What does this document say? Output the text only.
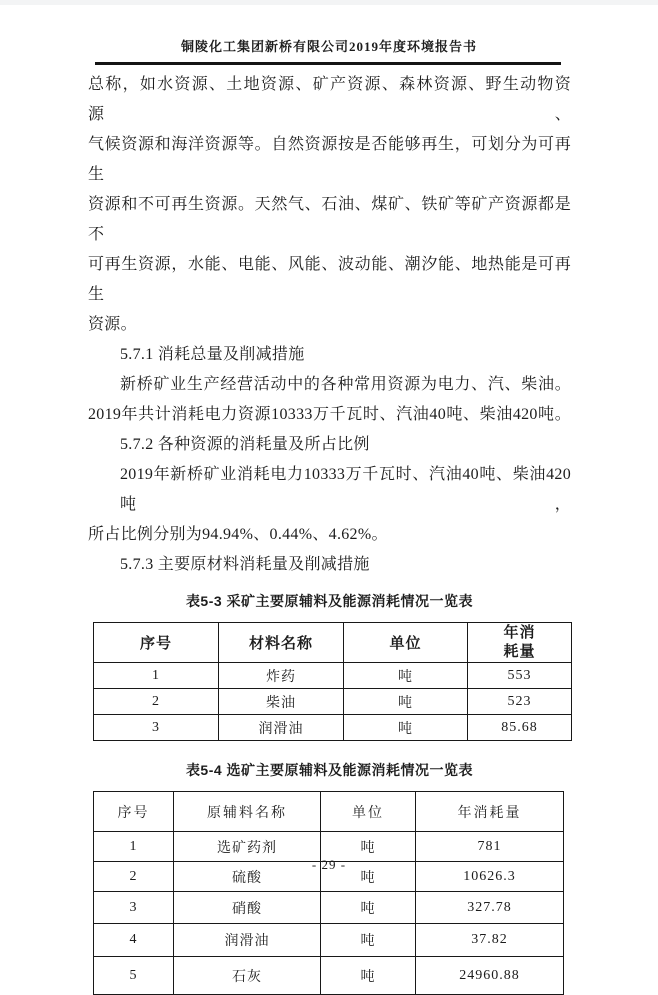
铜陵化工集团新桥有限公司2019年度环境报告书
总称，如水资源、土地资源、矿产资源、森林资源、野生动物资源、
气候资源和海洋资源等。自然资源按是否能够再生，可划分为可再生
资源和不可再生资源。天然气、石油、煤矿、铁矿等矿产资源都是不
可再生资源，水能、电能、风能、波动能、潮汐能、地热能是可再生
资源。
5.7.1 消耗总量及削减措施
新桥矿业生产经营活动中的各种常用资源为电力、汽、柴油。
2019年共计消耗电力资源10333万千瓦时、汽油40吨、柴油420吨。
5.7.2 各种资源的消耗量及所占比例
2019年新桥矿业消耗电力10333万千瓦时、汽油40吨、柴油420吨，
所占比例分别为94.94%、0.44%、4.62%。
5.7.3 主要原材料消耗量及削减措施
表5-3 采矿主要原辅料及能源消耗情况一览表
序号	材料名称	单位	年消耗量
1	炸药	吨	553
2	柴油	吨	523
3	润滑油	吨	85.68
表5-4 选矿主要原辅料及能源消耗情况一览表
序号	原辅料名称	单位	年消耗量
1	选矿药剂	吨	781
2	硫酸	吨	10626.3
3	硝酸	吨	327.78
4	润滑油	吨	37.82
5	石灰	吨	24960.88
- 29 -
